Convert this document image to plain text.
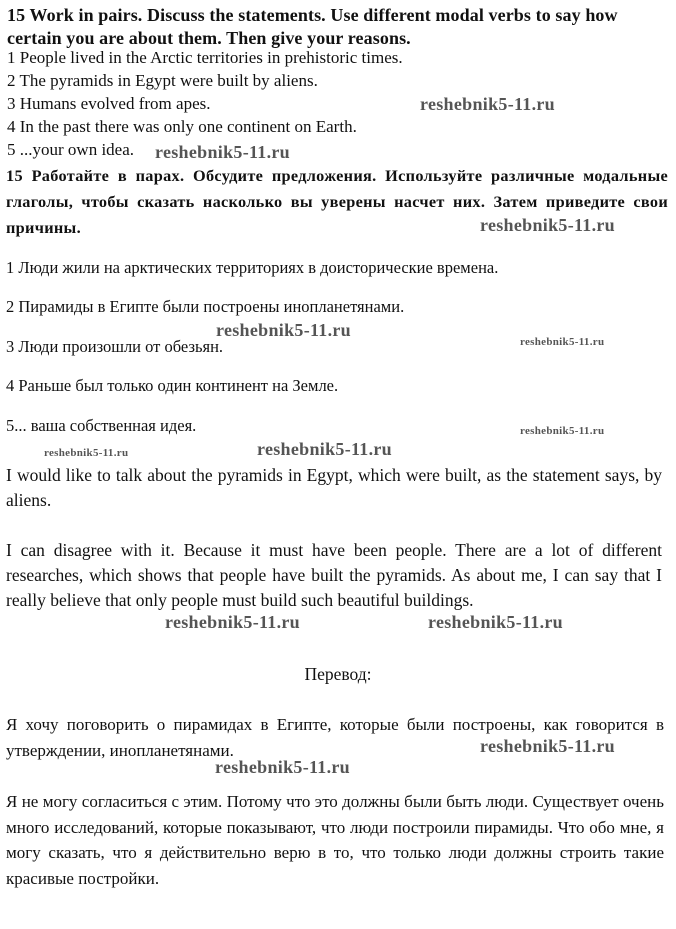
15 Work in pairs. Discuss the statements. Use different modal verbs to say how certain you are about them. Then give your reasons.
1 People lived in the Arctic territories in prehistoric times.
2 The pyramids in Egypt were built by aliens.
3 Humans evolved from apes.
4 In the past there was only one continent on Earth.
5 ...your own idea.
15 Работайте в парах. Обсудите предложения. Используйте различные модальные глаголы, чтобы сказать насколько вы уверены насчет них. Затем приведите свои причины.
1 Люди жили на арктических территориях в доисторические времена.
2 Пирамиды в Египте были построены инопланетянами.
3 Люди произошли от обезьян.
4 Раньше был только один континент на Земле.
5... ваша собственная идея.
I would like to talk about the pyramids in Egypt, which were built, as the statement says, by aliens.
I can disagree with it. Because it must have been people. There are a lot of different researches, which shows that people have built the pyramids. As about me, I can say that I really believe that only people must build such beautiful buildings.
Перевод:
Я хочу поговорить о пирамидах в Египте, которые были построены, как говорится в утверждении, инопланетянами.
Я не могу согласиться с этим. Потому что это должны были быть люди. Существует очень много исследований, которые показывают, что люди построили пирамиды. Что обо мне, я могу сказать, что я действительно верю в то, что только люди должны строить такие красивые постройки.
reshebnik5-11.ru
reshebnik5-11.ru
reshebnik5-11.ru
reshebnik5-11.ru
reshebnik5-11.ru
reshebnik5-11.ru
reshebnik5-11.ru	reshebnik5-11.ru
reshebnik5-11.ru	reshebnik5-11.ru
reshebnik5-11.ru
reshebnik5-11.ru
